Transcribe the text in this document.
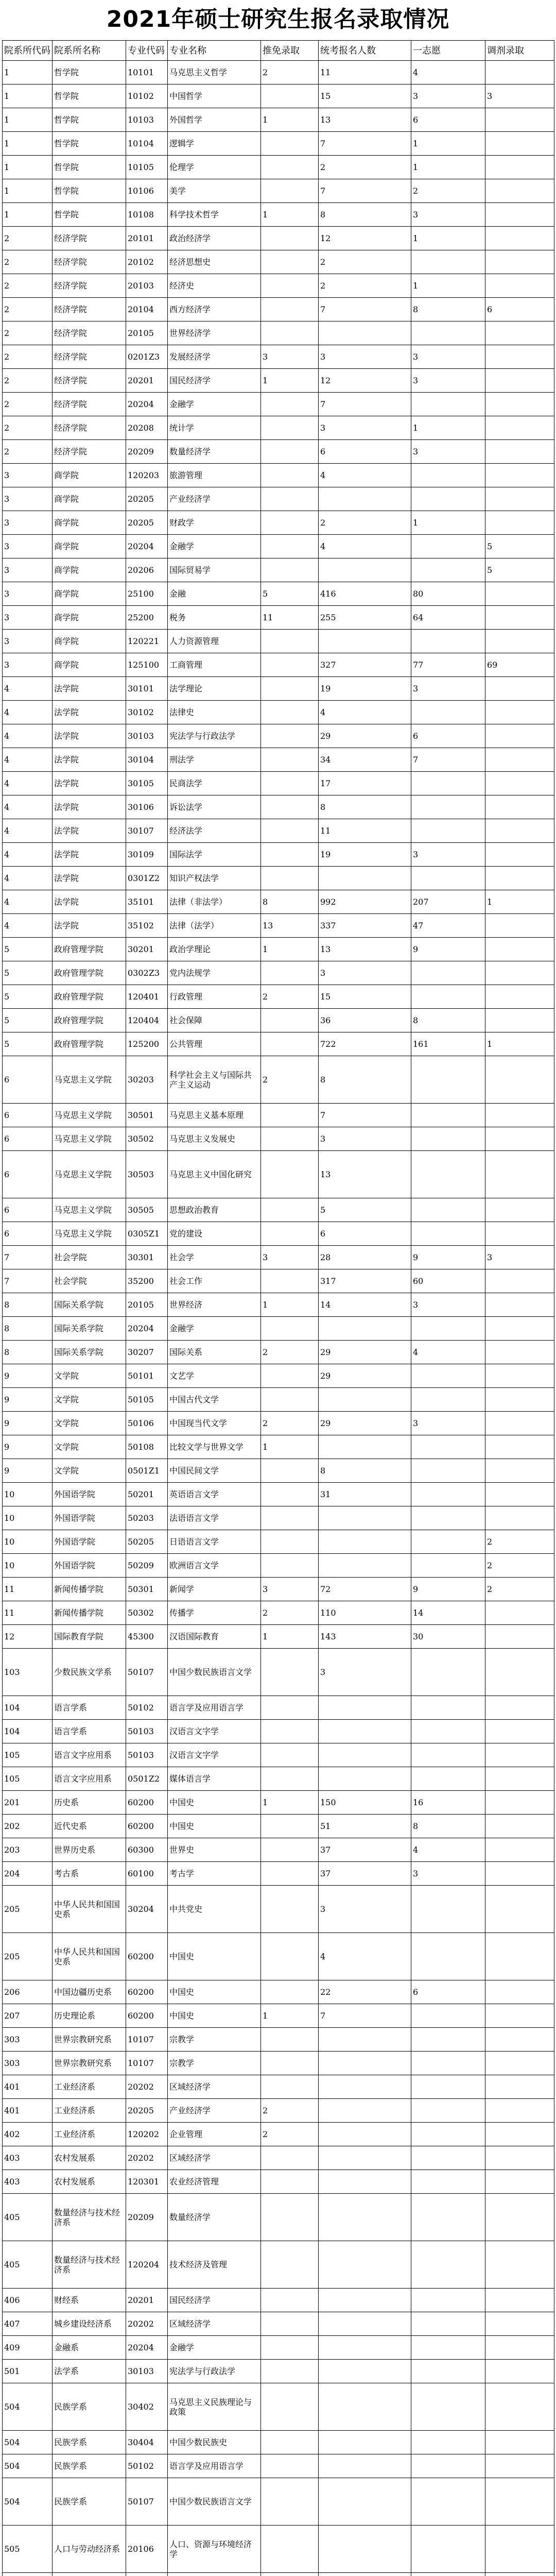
2021年硕士研究生报名录取情况
院系所代码	院系所名称	专业代码	专业名称	推免录取	统考报名人数	一志愿	调剂录取
1	哲学院	10101	马克思主义哲学	2	11	4	
1	哲学院	10102	中国哲学		15	3	3
1	哲学院	10103	外国哲学	1	13	6	
1	哲学院	10104	逻辑学		7	1	
1	哲学院	10105	伦理学		2	1	
1	哲学院	10106	美学		7	2	
1	哲学院	10108	科学技术哲学	1	8	3	
2	经济学院	20101	政治经济学		12	1	
2	经济学院	20102	经济思想史		2		
2	经济学院	20103	经济史		2	1	
2	经济学院	20104	西方经济学		7	8	6
2	经济学院	20105	世界经济学				
2	经济学院	0201Z3	发展经济学	3	3	3	
2	经济学院	20201	国民经济学	1	12	3	
2	经济学院	20204	金融学		7		
2	经济学院	20208	统计学		3	1	
2	经济学院	20209	数量经济学		6	3	
3	商学院	120203	旅游管理		4		
3	商学院	20205	产业经济学				
3	商学院	20205	财政学		2	1	
3	商学院	20204	金融学		4		5
3	商学院	20206	国际贸易学				5
3	商学院	25100	金融	5	416	80	
3	商学院	25200	税务	11	255	64	
3	商学院	120221	人力资源管理				
3	商学院	125100	工商管理		327	77	69
4	法学院	30101	法学理论		19	3	
4	法学院	30102	法律史		4		
4	法学院	30103	宪法学与行政法学		29	6	
4	法学院	30104	刑法学		34	7	
4	法学院	30105	民商法学		17		
4	法学院	30106	诉讼法学		8		
4	法学院	30107	经济法学		11		
4	法学院	30109	国际法学		19	3	
4	法学院	0301Z2	知识产权法学				
4	法学院	35101	法律（非法学）	8	992	207	1
4	法学院	35102	法律（法学）	13	337	47	
5	政府管理学院	30201	政治学理论	1	13	9	
5	政府管理学院	0302Z3	党内法规学		3		
5	政府管理学院	120401	行政管理	2	15		
5	政府管理学院	120404	社会保障		36	8	
5	政府管理学院	125200	公共管理		722	161	1
6	马克思主义学院	30203	科学社会主义与国际共产主义运动	2	8		
6	马克思主义学院	30501	马克思主义基本原理		7		
6	马克思主义学院	30502	马克思主义发展史		3		
6	马克思主义学院	30503	马克思主义中国化研究		13		
6	马克思主义学院	30505	思想政治教育		5		
6	马克思主义学院	0305Z1	党的建设		6		
7	社会学院	30301	社会学	3	28	9	3
7	社会学院	35200	社会工作		317	60	
8	国际关系学院	20105	世界经济	1	14	3	
8	国际关系学院	20204	金融学				
8	国际关系学院	30207	国际关系	2	29	4	
9	文学院	50101	文艺学		29		
9	文学院	50105	中国古代文学				
9	文学院	50106	中国现当代文学	2	29	3	
9	文学院	50108	比较文学与世界文学	1			
9	文学院	0501Z1	中国民间文学		8		
10	外国语学院	50201	英语语言文学		31		
10	外国语学院	50203	法语语言文学				
10	外国语学院	50205	日语语言文学				2
10	外国语学院	50209	欧洲语言文学				2
11	新闻传播学院	50301	新闻学	3	72	9	2
11	新闻传播学院	50302	传播学	2	110	14	
12	国际教育学院	45300	汉语国际教育	1	143	30	
103	少数民族文学系	50107	中国少数民族语言文学		3		
104	语言学系	50102	语言学及应用语言学				
104	语言学系	50103	汉语言文字学				
105	语言文字应用系	50103	汉语言文字学				
105	语言文字应用系	0501Z2	媒体语言学				
201	历史系	60200	中国史	1	150	16	
202	近代史系	60200	中国史		51	8	
203	世界历史系	60300	世界史		37	4	
204	考古系	60100	考古学		37	3	
205	中华人民共和国国史系	30204	中共党史		3		
205	中华人民共和国国史系	60200	中国史		4		
206	中国边疆历史系	60200	中国史		22	6	
207	历史理论系	60200	中国史	1	7		
303	世界宗教研究系	10107	宗教学				
303	世界宗教研究系	10107	宗教学				
401	工业经济系	20202	区域经济学				
401	工业经济系	20205	产业经济学	2			
402	工业经济系	120202	企业管理	2			
403	农村发展系	20202	区域经济学				
403	农村发展系	120301	农业经济管理				
405	数量经济与技术经济系	20209	数量经济学				
405	数量经济与技术经济系	120204	技术经济及管理				
406	财经系	20201	国民经济学				
407	城乡建设经济系	20202	区域经济学				
409	金融系	20204	金融学				
501	法学系	30103	宪法学与行政法学				
504	民族学系	30402	马克思主义民族理论与政策				
504	民族学系	30404	中国少数民族史				
504	民族学系	50102	语言学及应用语言学				
504	民族学系	50107	中国少数民族语言文学				
505	人口与劳动经济系	20106	人口、资源与环境经济学				
